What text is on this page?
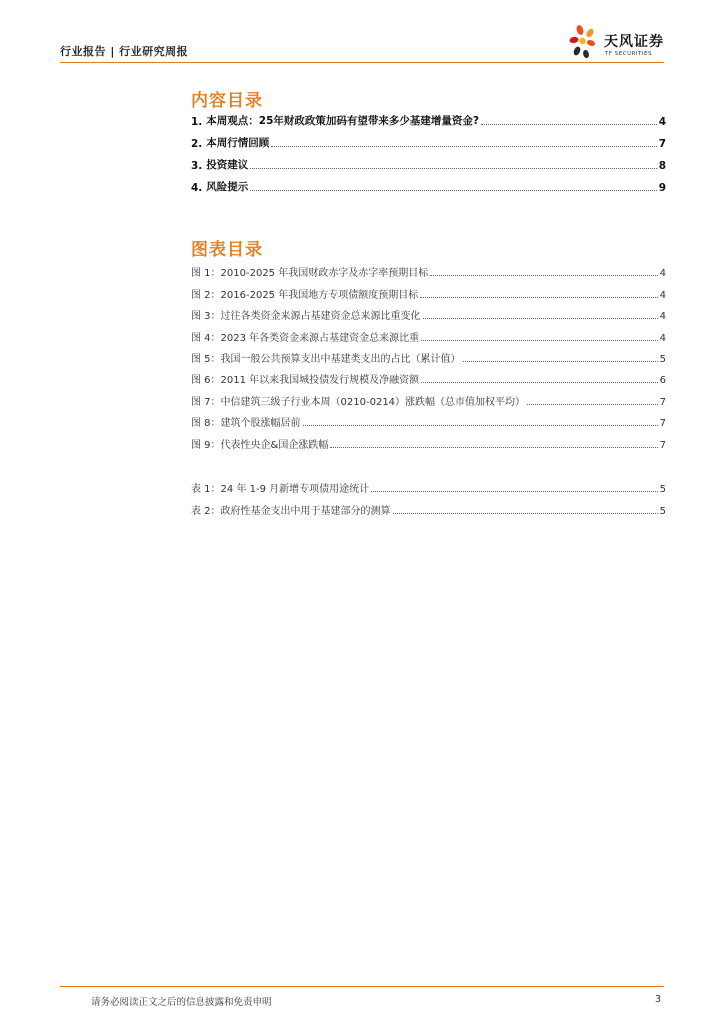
行业报告 | 行业研究周报
天风证券
TF SECURITIES
内容目录
1. 本周观点：25年财政政策加码有望带来多少基建增量资金?	4
2. 本周行情回顾	7
3. 投资建议	8
4. 风险提示	9
图表目录
图 1：2010-2025 年我国财政赤字及赤字率预期目标	4
图 2：2016-2025 年我国地方专项债额度预期目标	4
图 3：过往各类资金来源占基建资金总来源比重变化	4
图 4：2023 年各类资金来源占基建资金总来源比重	4
图 5：我国一般公共预算支出中基建类支出的占比（累计值）	5
图 6：2011 年以来我国城投债发行规模及净融资额	6
图 7：中信建筑三级子行业本周（0210-0214）涨跌幅（总市值加权平均）	7
图 8：建筑个股涨幅居前	7
图 9：代表性央企&国企涨跌幅	7
表 1：24 年 1-9 月新增专项债用途统计	5
表 2：政府性基金支出中用于基建部分的测算	5
请务必阅读正文之后的信息披露和免责申明	3
